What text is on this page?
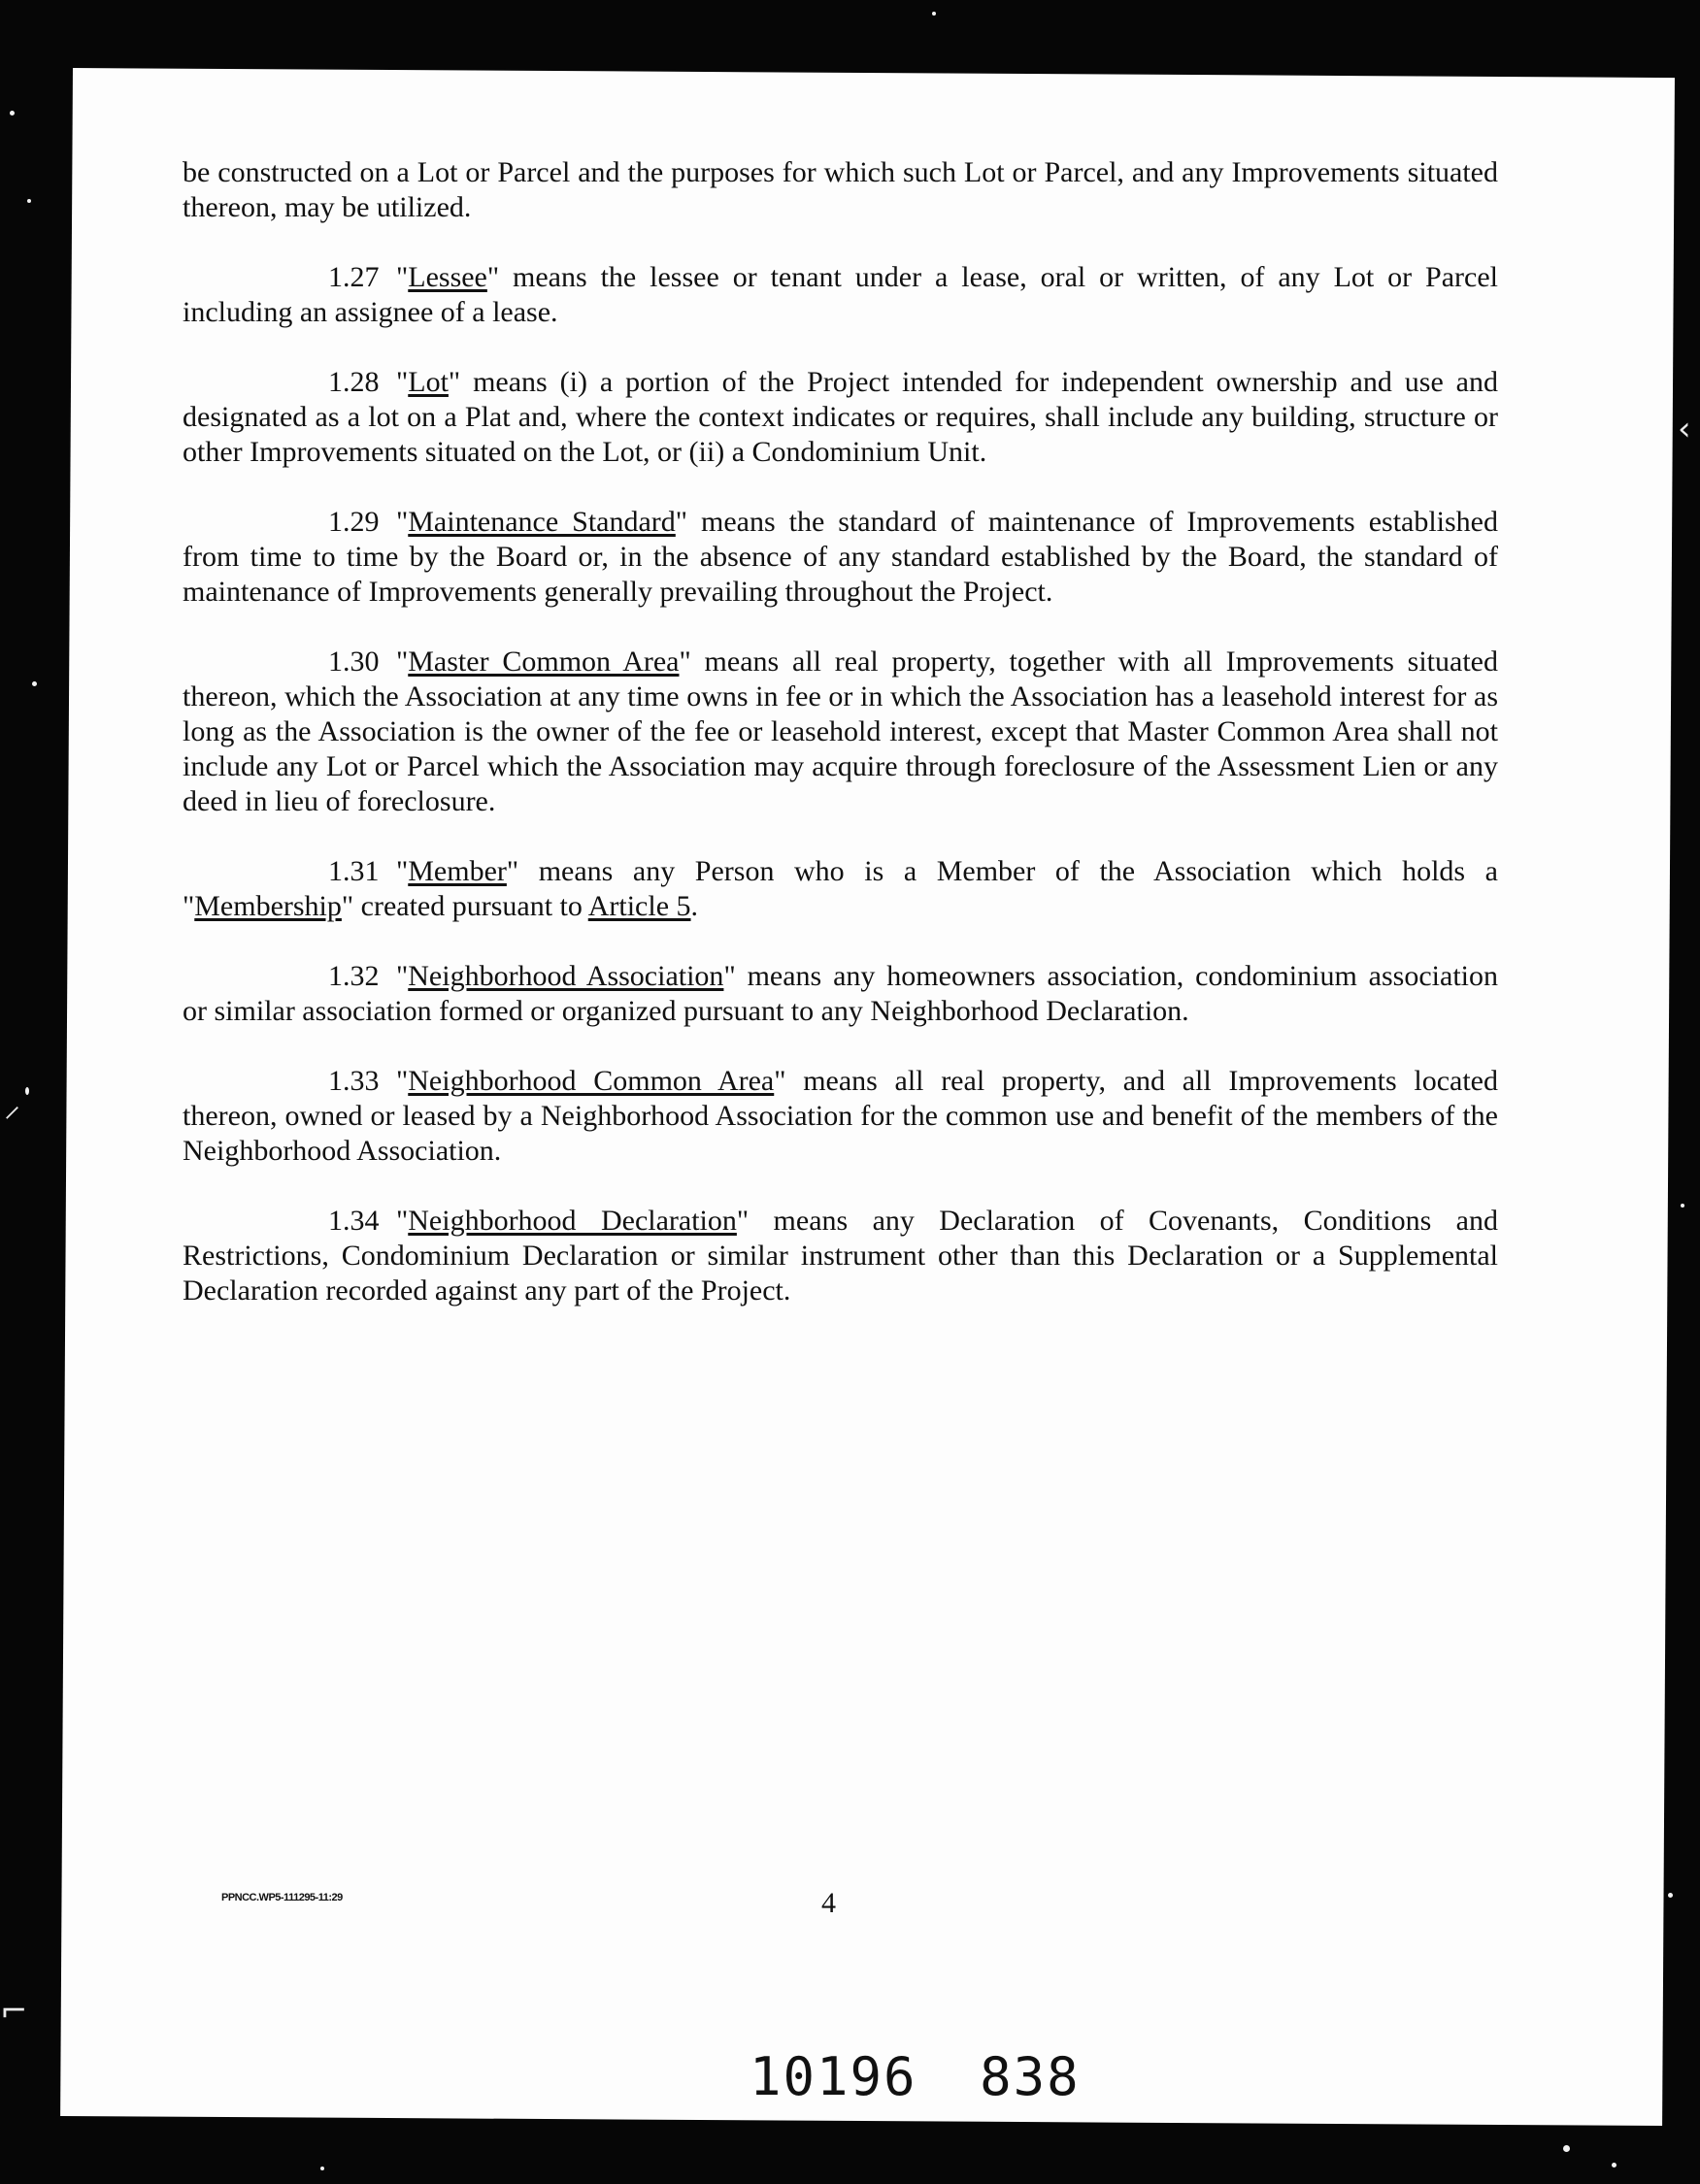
‹
⸝
⌐

be constructed on a Lot or Parcel and the purposes for which such Lot or Parcel, and any Improvements situated thereon, may be utilized.

1.27 "Lessee" means the lessee or tenant under a lease, oral or written, of any Lot or Parcel including an assignee of a lease.

1.28 "Lot" means (i) a portion of the Project intended for independent ownership and use and designated as a lot on a Plat and, where the context indicates or requires, shall include any building, structure or other Improvements situated on the Lot, or (ii) a Condominium Unit.

1.29 "Maintenance Standard" means the standard of maintenance of Improvements established from time to time by the Board or, in the absence of any standard established by the Board, the standard of maintenance of Improvements generally prevailing throughout the Project.

1.30 "Master Common Area" means all real property, together with all Improvements situated thereon, which the Association at any time owns in fee or in which the Association has a leasehold interest for as long as the Association is the owner of the fee or leasehold interest, except that Master Common Area shall not include any Lot or Parcel which the Association may acquire through foreclosure of the Assessment Lien or any deed in lieu of foreclosure.

1.31 "Member" means any Person who is a Member of the Association which holds a "Membership" created pursuant to Article 5.

1.32 "Neighborhood Association" means any homeowners association, condominium association or similar association formed or organized pursuant to any Neighborhood Declaration.

1.33 "Neighborhood Common Area" means all real property, and all Improvements located thereon, owned or leased by a Neighborhood Association for the common use and benefit of the members of the Neighborhood Association.

1.34 "Neighborhood Declaration" means any Declaration of Covenants, Conditions and Restrictions, Condominium Declaration or similar instrument other than this Declaration or a Supplemental Declaration recorded against any part of the Project.

PPNCC.WP5-111295-11:29	4
10196 838
